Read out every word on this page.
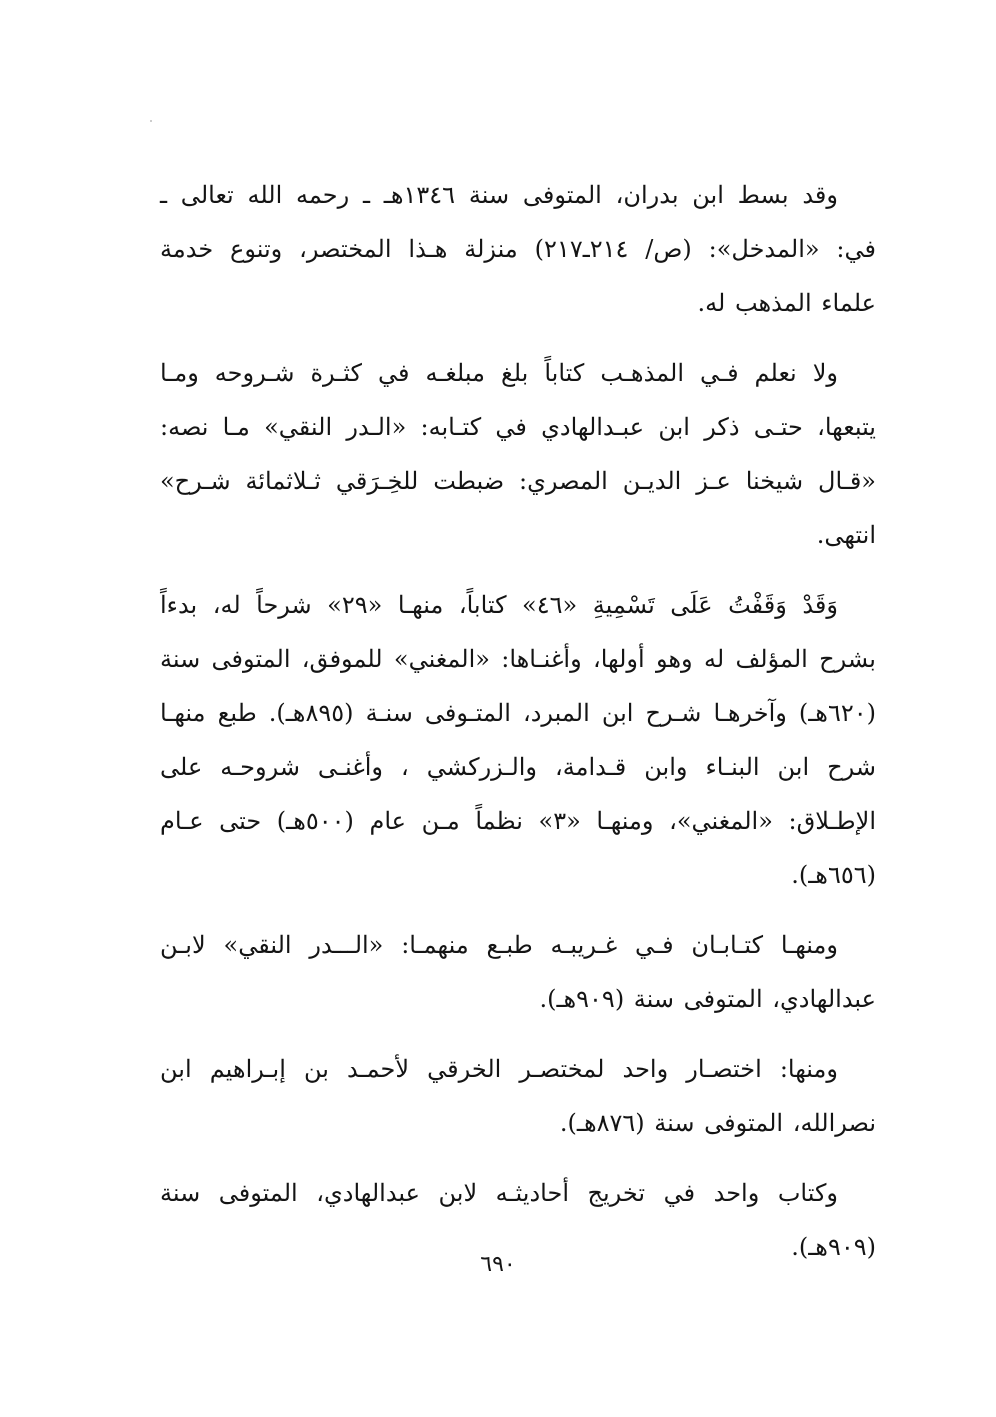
وقد بسط ابن بدران، المتوفى سنة ١٣٤٦هـ ـ رحمه الله تعالى ـ في: «المدخل»: (ص/ ٢١٤ـ٢١٧) منزلة هـذا المختصر، وتنوع خدمة علماء المذهب له.

ولا نعلم فـي المذهـب كتاباً بلغ مبلغـه في كثـرة شـروحه ومـا يتبعها، حتـى ذكر ابن عبـدالهادي في كتـابه: «الـدر النقي» مـا نصه: «قـال شيخنا عـز الديـن المصري: ضبطت للخِـرَقي ثـلاثمائة شـرح» انتهى.

وَقَدْ وَقَفْتُ عَلَى تَسْمِيةِ «٤٦» كتاباً، منهـا «٢٩» شرحاً له، بدءاً بشرح المؤلف له وهو أولها، وأغنـاها: «المغني» للموفق، المتوفى سنة (٦٢٠هـ) وآخرهـا شـرح ابن المبرد، المتـوفى سنـة (٨٩٥هـ). طبع منهـا شرح ابن البنـاء وابن قـدامة، والـزركشي ، وأغنـى شروحـه على الإطـلاق: «المغني»، ومنهـا «٣» نظماً مـن عام (٥٠٠هـ) حتى عـام (٦٥٦هـ).

ومنهـا كتـابـان فـي غـريبـه طبـع منهمـا: «الـــدر النقي» لابـن عبدالهادي، المتوفى سنة (٩٠٩هـ).

ومنها: اختصـار واحد لمختصـر الخرقي لأحمـد بن إبـراهيم ابن نصرالله، المتوفى سنة (٨٧٦هـ).

وكتاب واحد في تخريج أحاديثـه لابن عبدالهادي، المتوفى سنة (٩٠٩هـ).

٦٩٠
